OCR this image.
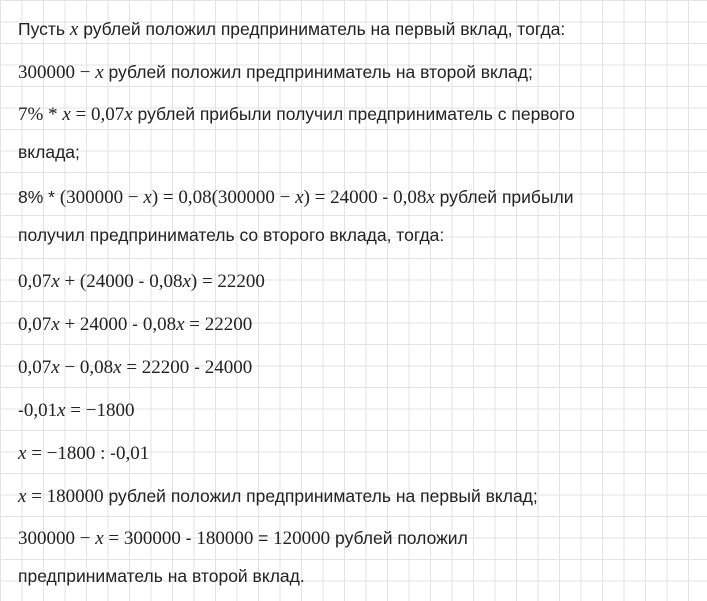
Пусть x рублей положил предприниматель на первый вклад, тогда:
300000 − x рублей положил предприниматель на второй вклад;
7% * x = 0,07x рублей прибыли получил предприниматель с первого
вклада;
8% * (300000 − x) = 0,08(300000 − x) = 24000 - 0,08x рублей прибыли
получил предприниматель со второго вклада, тогда:
0,07x + (24000 - 0,08x) = 22200
0,07x + 24000 - 0,08x = 22200
0,07x − 0,08x = 22200 - 24000
-0,01x = −1800
x = −1800 : -0,01
x = 180000 рублей положил предприниматель на первый вклад;
300000 − x = 300000 - 180000 = 120000 рублей положил
предприниматель на второй вклад.
